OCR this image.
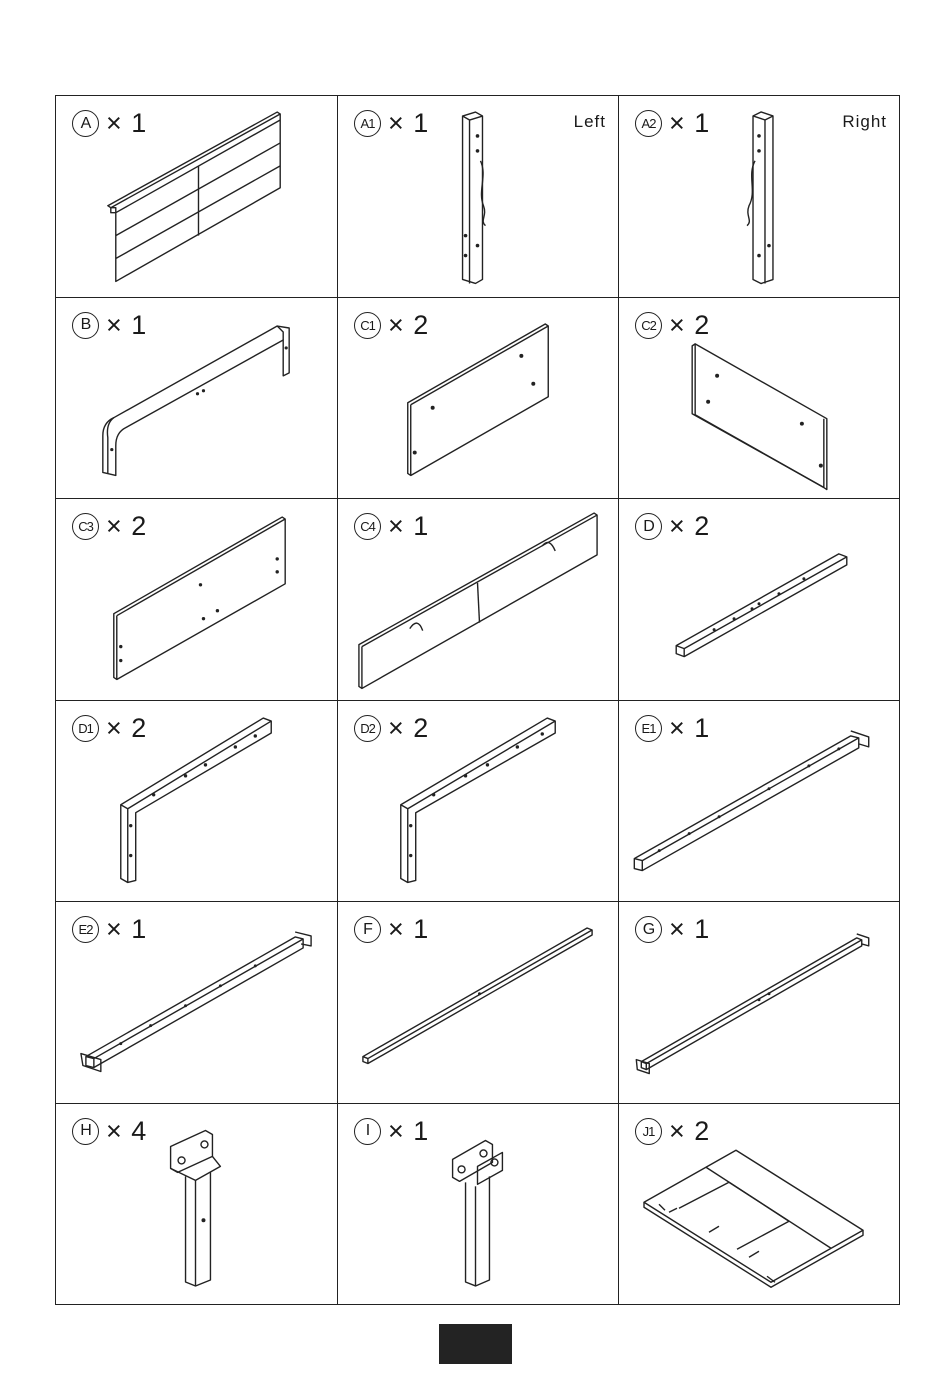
A × 1	A1 × 1	Left	A2 × 1	Right
B × 1	C1 × 2	C2 × 2
C3 × 2	C4 × 1	D × 2
D1 × 2	D2 × 2	E1 × 1
E2 × 1	F × 1	G × 1
H × 4	I × 1	J1 × 2
